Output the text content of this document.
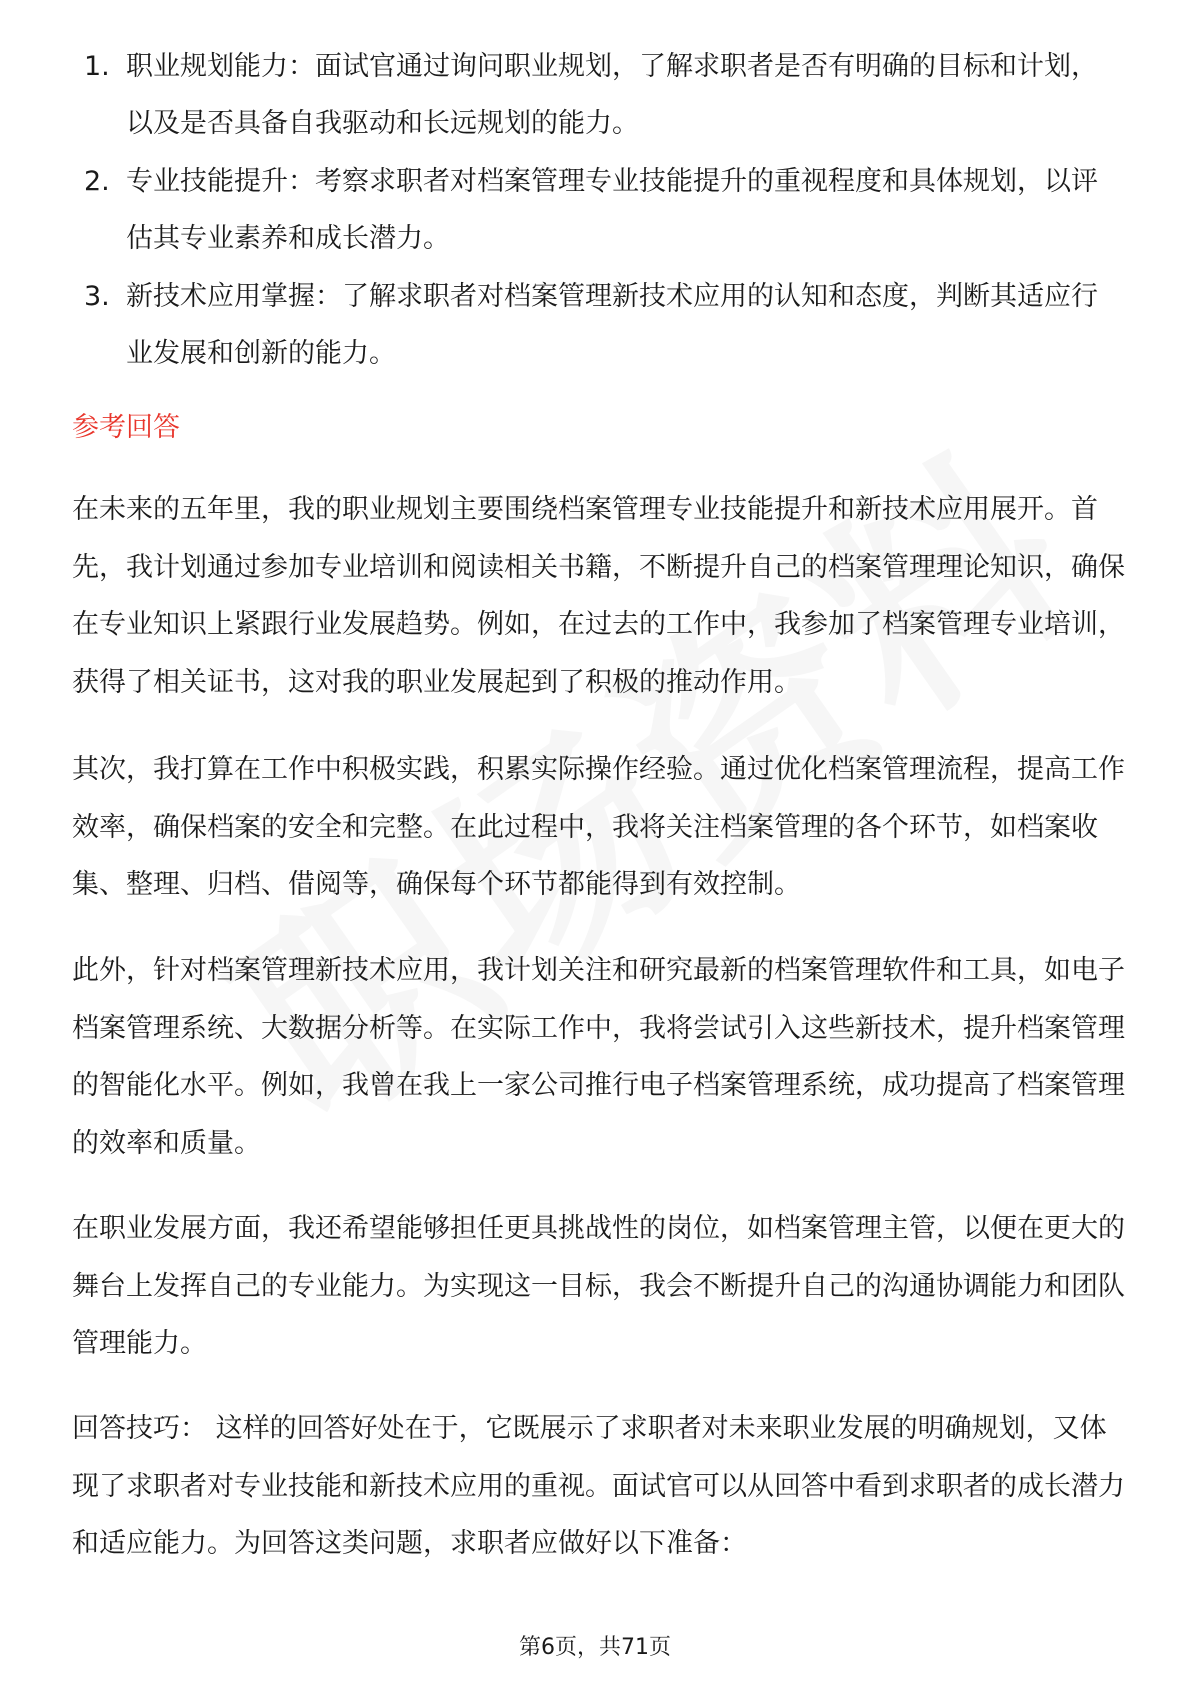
1. 职业规划能力：面试官通过询问职业规划，了解求职者是否有明确的目标和计划，以及是否具备自我驱动和长远规划的能力。
2. 专业技能提升：考察求职者对档案管理专业技能提升的重视程度和具体规划，以评估其专业素养和成长潜力。
3. 新技术应用掌握：了解求职者对档案管理新技术应用的认知和态度，判断其适应行业发展和创新的能力。
参考回答

在未来的五年里，我的职业规划主要围绕档案管理专业技能提升和新技术应用展开。首先，我计划通过参加专业培训和阅读相关书籍，不断提升自己的档案管理理论知识，确保在专业知识上紧跟行业发展趋势。例如，在过去的工作中，我参加了档案管理专业培训，获得了相关证书，这对我的职业发展起到了积极的推动作用。

其次，我打算在工作中积极实践，积累实际操作经验。通过优化档案管理流程，提高工作效率，确保档案的安全和完整。在此过程中，我将关注档案管理的各个环节，如档案收集、整理、归档、借阅等，确保每个环节都能得到有效控制。

此外，针对档案管理新技术应用，我计划关注和研究最新的档案管理软件和工具，如电子档案管理系统、大数据分析等。在实际工作中，我将尝试引入这些新技术，提升档案管理的智能化水平。例如，我曾在我上一家公司推行电子档案管理系统，成功提高了档案管理的效率和质量。

在职业发展方面，我还希望能够担任更具挑战性的岗位，如档案管理主管，以便在更大的舞台上发挥自己的专业能力。为实现这一目标，我会不断提升自己的沟通协调能力和团队管理能力。

回答技巧： 这样的回答好处在于，它既展示了求职者对未来职业发展的明确规划，又体现了求职者对专业技能和新技术应用的重视。面试官可以从回答中看到求职者的成长潜力和适应能力。为回答这类问题，求职者应做好以下准备：

第6页，共71页
